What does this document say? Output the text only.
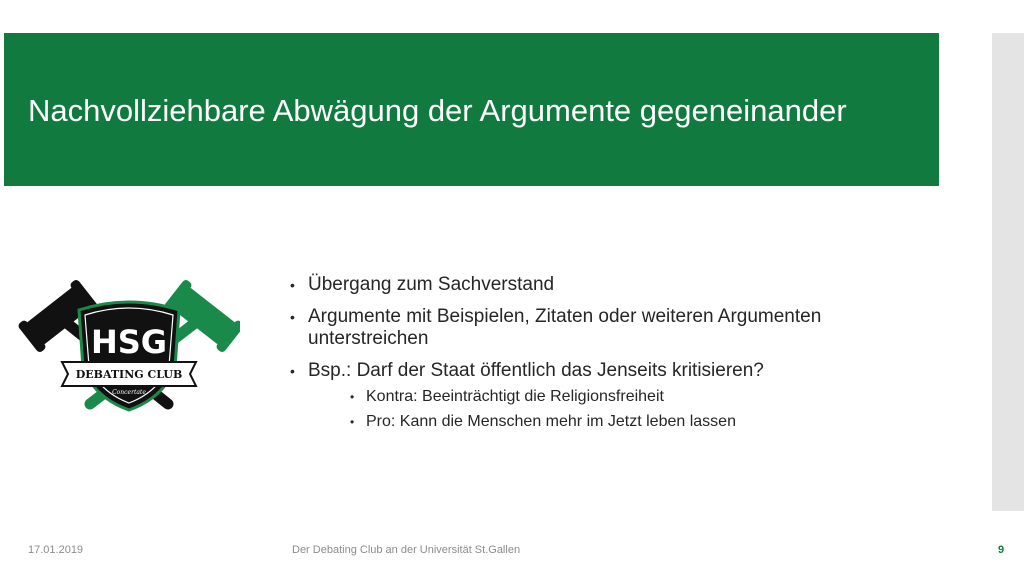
Nachvollziehbare Abwägung der Argumente gegeneinander
HSG
DEBATING CLUB
Concertate
• Übergang zum Sachverstand
• Argumente mit Beispielen, Zitaten oder weiteren Argumenten unterstreichen
• Bsp.: Darf der Staat öffentlich das Jenseits kritisieren?
• Kontra: Beeinträchtigt die Religionsfreiheit
• Pro: Kann die Menschen mehr im Jetzt leben lassen
17.01.2019	Der Debating Club an der Universität St.Gallen	9
